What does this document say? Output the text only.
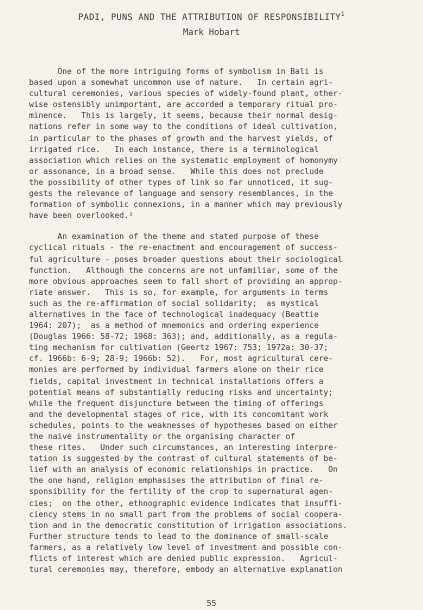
PADI, PUNS AND THE ATTRIBUTION OF RESPONSIBILITY$^1$
Mark Hobart

One of the more intriguing forms of symbolism in Bali is
based upon a somewhat uncommon use of nature.   In certain agri-
cultural ceremonies, various species of widely-found plant, other-
wise ostensibly unimportant, are accorded a temporary ritual pro-
minence.   This is largely, it seems, because their normal desig-
nations refer in some way to the conditions of ideal cultivation,
in particular to the phases of growth and the harvest yields, of
irrigated rice.   In each instance, there is a terminological
association which relies on the systematic employment of homonymy
or assonance, in a broad sense.   While this does not preclude
the possibility of other types of link so far unnoticed, it sug-
gests the relevance of language and sensory resemblances, in the
formation of symbolic connexions, in a manner which may previously
have been overlooked.²

An examination of the theme and stated purpose of these
cyclical rituals - the re-enactment and encouragement of success-
ful agriculture - poses broader questions about their sociological
function.   Although the concerns are not unfamiliar, some of the
more obvious approaches seem to fall short of providing an approp-
riate answer.   This is so, for example, for arguments in terms
such as the re-affirmation of social solidarity;  as mystical
alternatives in the face of technological inadequacy (Beattie
1964: 207);  as a method of mnemonics and ordering experience
(Douglas 1966: 58-72; 1968: 363); and, additionally, as a regula-
ting mechanism for cultivation (Geertz 1967: 753; 1972a: 30-37;
cf. 1966b: 6-9; 28-9; 1966b: 52).   For, most agricultural cere-
monies are performed by individual farmers alone on their rice
fields, capital investment in technical installations offers a
potential means of substantially reducing risks and uncertainty;
while the frequent disjuncture between the timing of offerings
and the developmental stages of rice, with its concomitant work
schedules, points to the weaknesses of hypotheses based on either
the naive instrumentality or the organising character of
these rites.   Under such circumstances, an interesting interpre-
tation is suggested by the contrast of cultural statements of be-
lief with an analysis of economic relationships in practice.   On
the one hand, religion emphasises the attribution of final re-
sponsibility for the fertility of the crop to supernatural agen-
cies;  on the other, ethnographic evidence indicates that insuffi-
ciency stems in no small part from the problems of social coopera-
tion and in the democratic constitution of irrigation associations.
Further structure tends to lead to the dominance of small-scale
farmers, as a relatively low level of investment and possible con-
flicts of interest which are denied public expression.   Agricul-
tural ceremonies may, therefore, embody an alternative explanation

55
